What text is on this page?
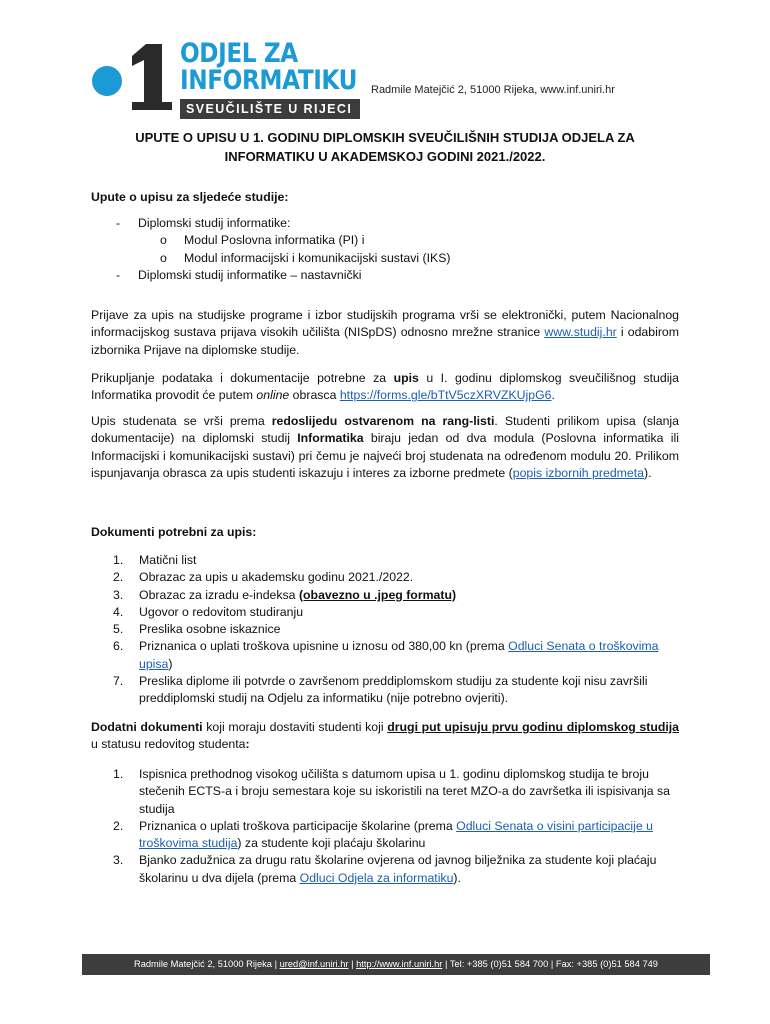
ODJEL ZA
INFORMATIKU
SVEUČILIŠTE U RIJECI
Radmile Matejčić 2, 51000 Rijeka, www.inf.uniri.hr
UPUTE O UPISU U 1. GODINU DIPLOMSKIH SVEUČILIŠNIH STUDIJA ODJELA ZA INFORMATIKU U AKADEMSKOJ GODINI 2021./2022.
Upute o upisu za sljedeće studije:
- Diplomski studij informatike:
o Modul Poslovna informatika (PI) i
o Modul informacijski i komunikacijski sustavi (IKS)
- Diplomski studij informatike – nastavnički
Prijave za upis na studijske programe i izbor studijskih programa vrši se elektronički, putem Nacionalnog informacijskog sustava prijava visokih učilišta (NISpDS) odnosno mrežne stranice www.studij.hr i odabirom izbornika Prijave na diplomske studije.
Prikupljanje podataka i dokumentacije potrebne za upis u I. godinu diplomskog sveučilišnog studija Informatika provodit će putem online obrasca https://forms.gle/bTtV5czXRVZKUjpG6.
Upis studenata se vrši prema redoslijedu ostvarenom na rang-listi. Studenti prilikom upisa (slanja dokumentacije) na diplomski studij Informatika biraju jedan od dva modula (Poslovna informatika ili Informacijski i komunikacijski sustavi) pri čemu je najveći broj studenata na određenom modulu 20. Prilikom ispunjavanja obrasca za upis studenti iskazuju i interes za izborne predmete (popis izbornih predmeta).
Dokumenti potrebni za upis:
1. Matični list
2. Obrazac za upis u akademsku godinu 2021./2022.
3. Obrazac za izradu e-indeksa (obavezno u .jpeg formatu)
4. Ugovor o redovitom studiranju
5. Preslika osobne iskaznice
6. Priznanica o uplati troškova upisnine u iznosu od 380,00 kn (prema Odluci Senata o troškovima upisa)
7. Preslika diplome ili potvrde o završenom preddiplomskom studiju za studente koji nisu završili preddiplomski studij na Odjelu za informatiku (nije potrebno ovjeriti).
Dodatni dokumenti koji moraju dostaviti studenti koji drugi put upisuju prvu godinu diplomskog studija u statusu redovitog studenta:
1. Ispisnica prethodnog visokog učilišta s datumom upisa u 1. godinu diplomskog studija te broju stečenih ECTS-a i broju semestara koje su iskoristili na teret MZO-a do završetka ili ispisivanja sa studija
2. Priznanica o uplati troškova participacije školarine (prema Odluci Senata o visini participacije u troškovima studija) za studente koji plaćaju školarinu
3. Bjanko zadužnica za drugu ratu školarine ovjerena od javnog bilježnika za studente koji plaćaju školarinu u dva dijela (prema Odluci Odjela za informatiku).
Radmile Matejčić 2, 51000 Rijeka | ured@inf.uniri.hr | http://www.inf.uniri.hr | Tel: +385 (0)51 584 700 | Fax: +385 (0)51 584 749
